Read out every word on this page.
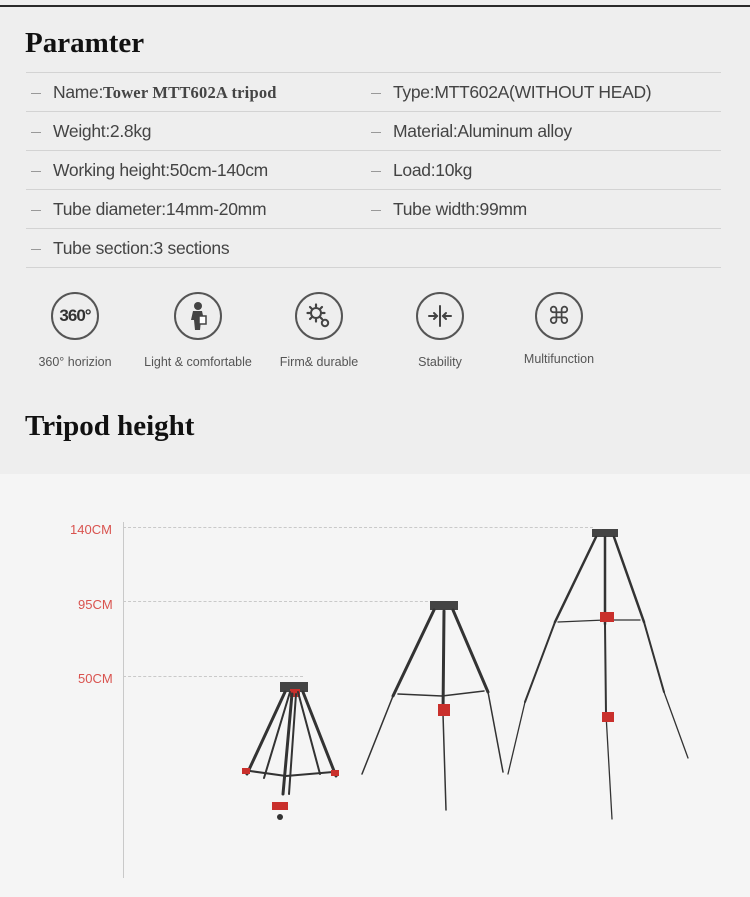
Paramter
Name:Tower MTT602A tripod	Type:MTT602A(WITHOUT HEAD)
Weight:2.8kg	Material:Aluminum alloy
Working height:50cm-140cm	Load:10kg
Tube diameter:14mm-20mm	Tube width:99mm
Tube section:3 sections
360°
360° horizion	Light & comfortable	Firm& durable	Stability
⌘
Multifunction
Tripod height
140CM
95CM
50CM
